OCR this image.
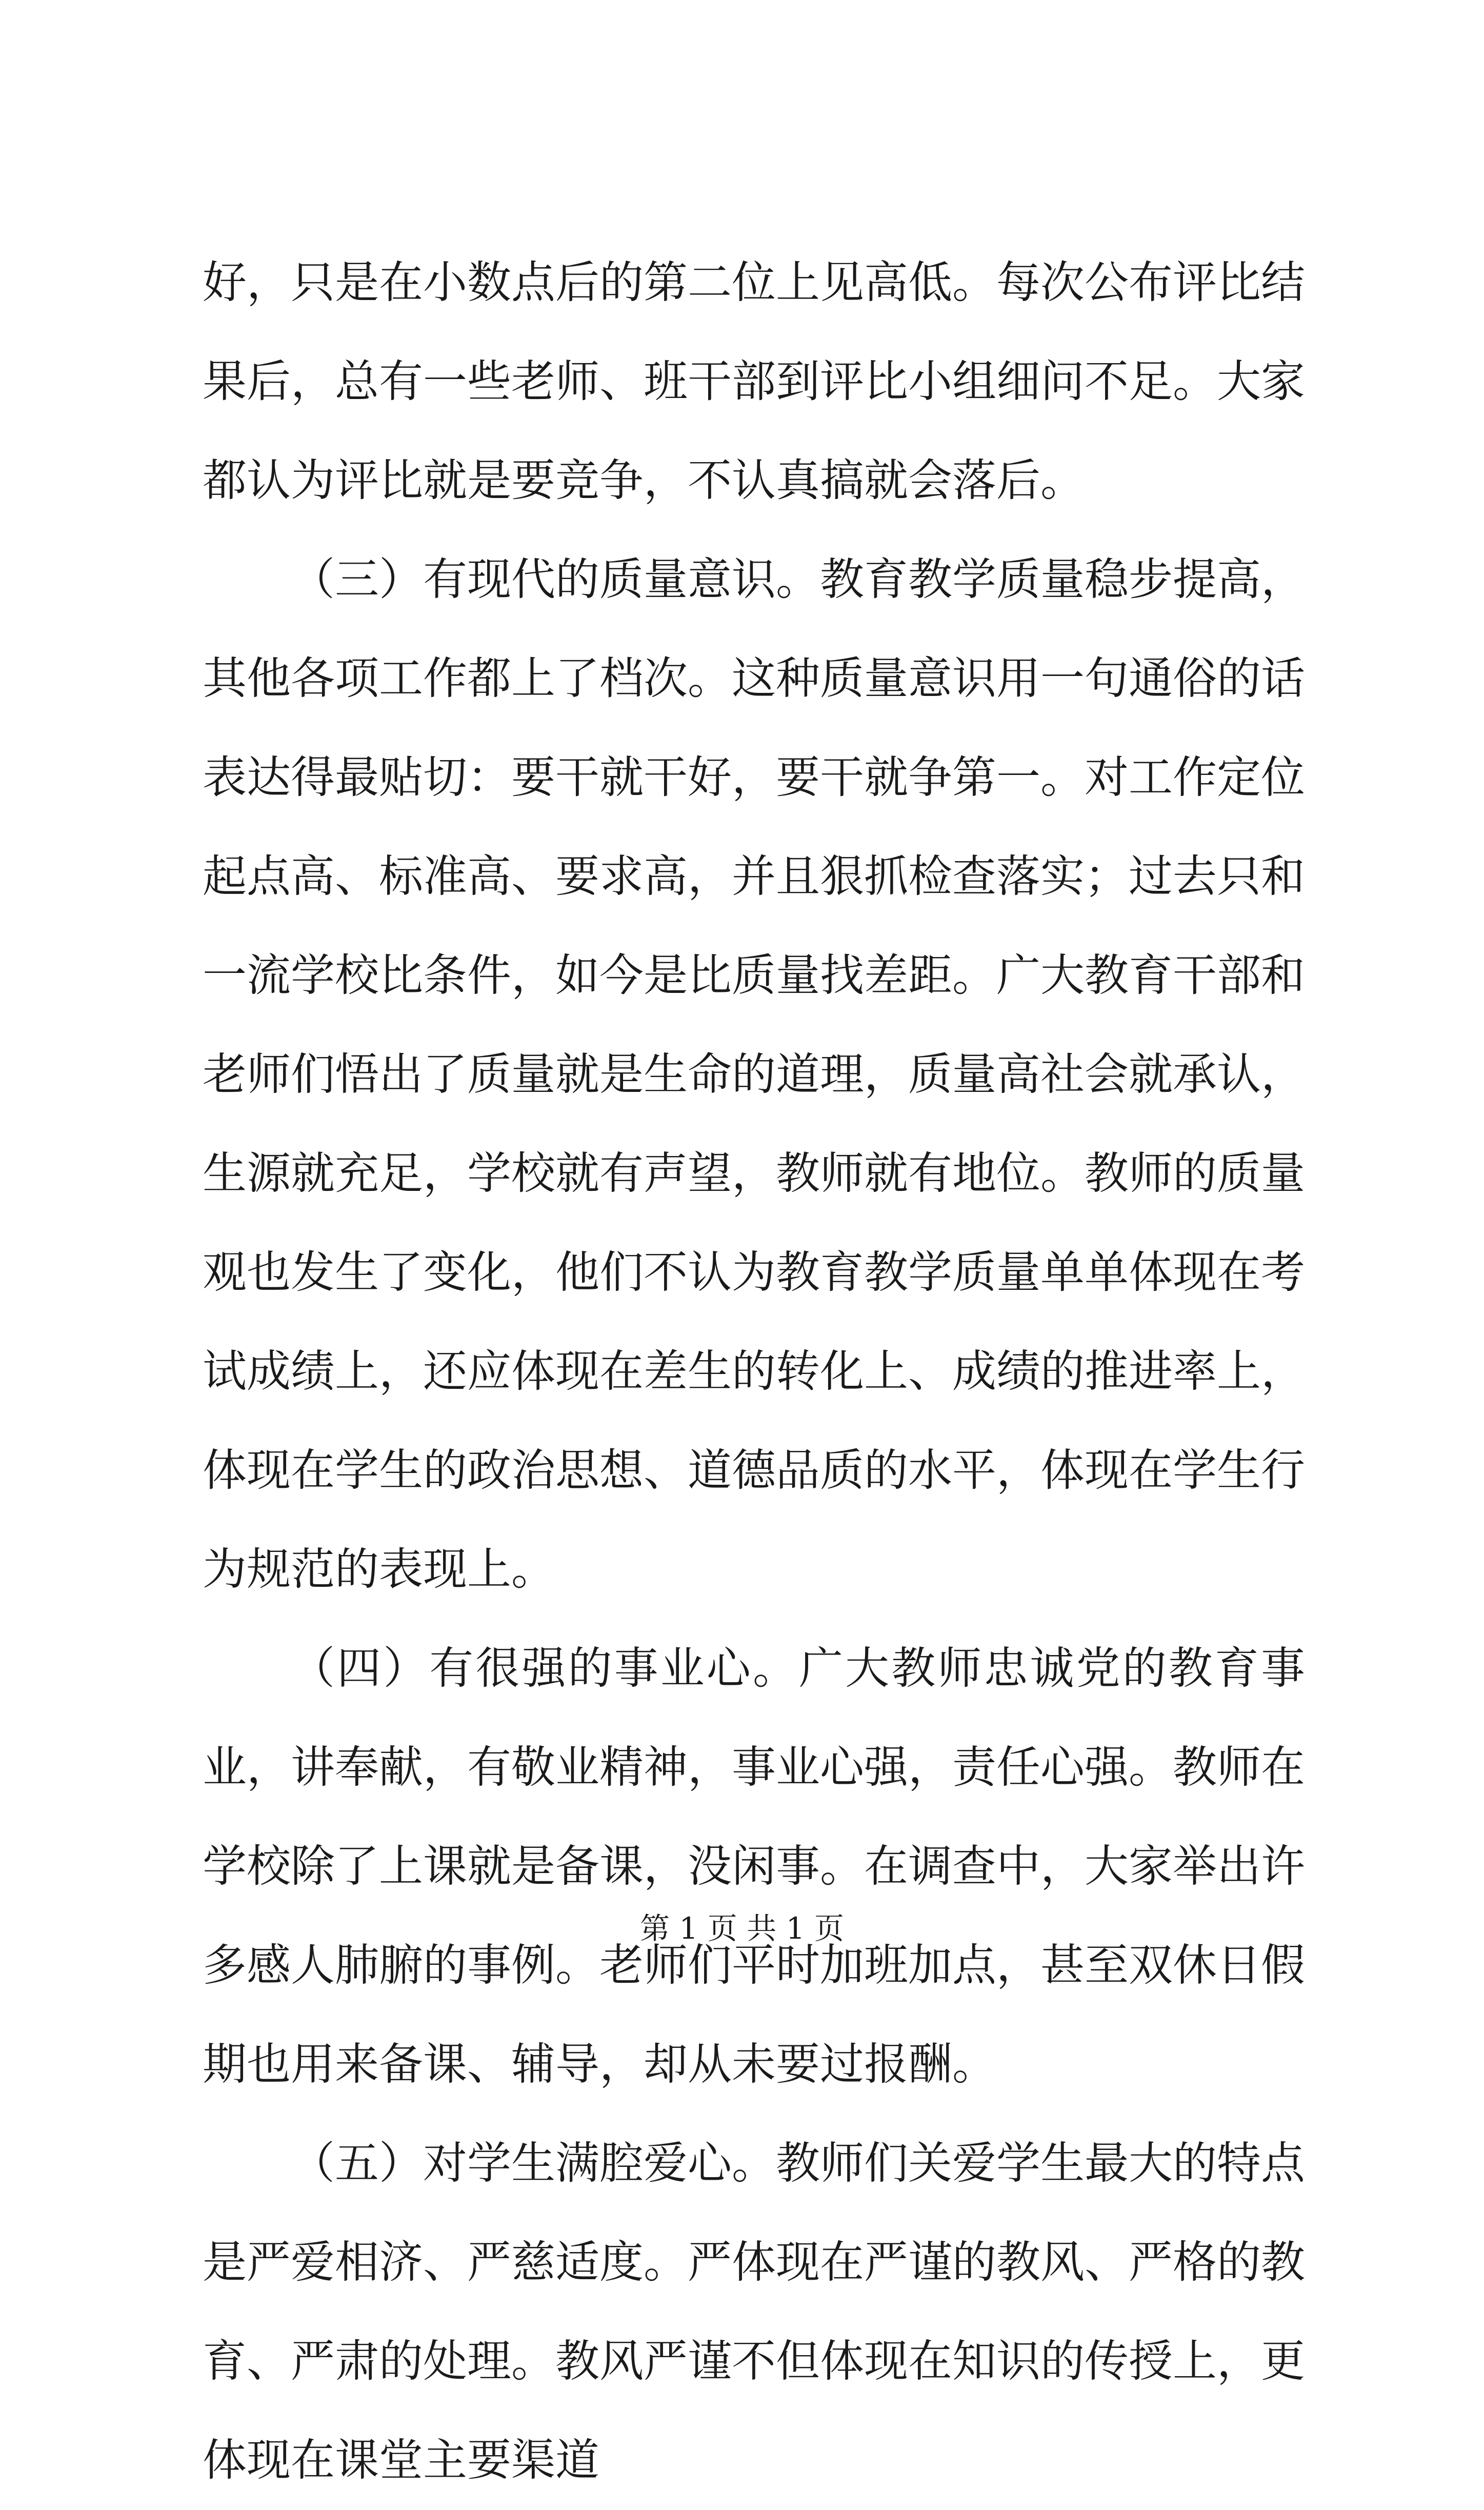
好，只是在小数点后的第二位上见高低。每次公布评比结果后，总有一些老师、班干部到评比小组细问不足。大家都认为评比就是要竞争，不认真搞就会落后。

（三）有现代的质量意识。教育教学质量稳步提高，其他各项工作都上了档次。这种质量意识用一句通俗的话表达得最贴切：要干就干好，要干就争第一。对工作定位起点高、标准高、要求高，并且狠抓检查落实；过去只和一流学校比条件，如今是比质量找差距。广大教育干部和老师们悟出了质量就是生命的道理，质量高社会就承认，生源就充足，学校就有声望，教师就有地位。教师的质量观也发生了变化，他们不认为教育教学质量单单体现在考试成绩上，还应体现在差生的转化上、成绩的推进率上，体现在学生的政治思想、道德品质的水平，体现在学生行为规范的表现上。

（四）有很强的事业心。广大教师忠诚党的教育事业，讲奉献，有敬业精神，事业心强，责任心强。教师在学校除了上课就是备课，没闲事。在调查中，大家举出许多感人肺腑的事例。老师们平时加班加点，甚至双休日假期也用来备课、辅导，却从未要过报酬。

（五）对学生满腔爱心。教师们关爱学生最大的特点是严爱相济、严慈适度。严体现在严谨的教风、严格的教育、严肃的处理。教风严谨不但体现在知识的传授上，更体现在课堂主要渠道

第 1 页 共 1 页
